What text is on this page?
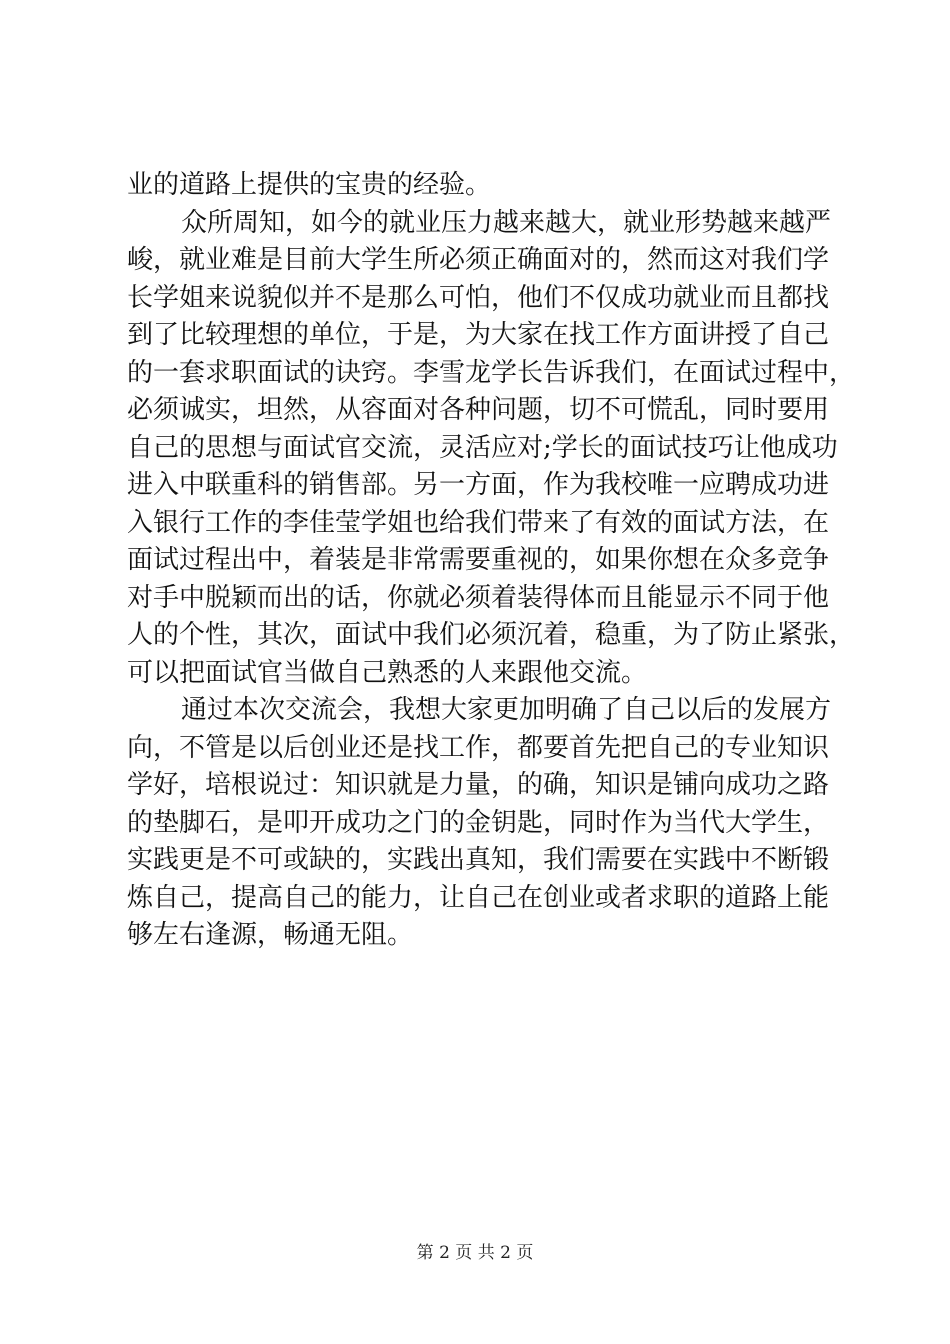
业的道路上提供的宝贵的经验。
众所周知，如今的就业压力越来越大，就业形势越来越严
峻，就业难是目前大学生所必须正确面对的，然而这对我们学
长学姐来说貌似并不是那么可怕，他们不仅成功就业而且都找
到了比较理想的单位，于是，为大家在找工作方面讲授了自己
的一套求职面试的诀窍。李雪龙学长告诉我们，在面试过程中，
必须诚实，坦然，从容面对各种问题，切不可慌乱，同时要用
自己的思想与面试官交流，灵活应对;学长的面试技巧让他成功
进入中联重科的销售部。另一方面，作为我校唯一应聘成功进
入银行工作的李佳莹学姐也给我们带来了有效的面试方法，在
面试过程出中，着装是非常需要重视的，如果你想在众多竞争
对手中脱颖而出的话，你就必须着装得体而且能显示不同于他
人的个性，其次，面试中我们必须沉着，稳重，为了防止紧张，
可以把面试官当做自己熟悉的人来跟他交流。
通过本次交流会，我想大家更加明确了自己以后的发展方
向，不管是以后创业还是找工作，都要首先把自己的专业知识
学好，培根说过：知识就是力量，的确，知识是铺向成功之路
的垫脚石，是叩开成功之门的金钥匙，同时作为当代大学生，
实践更是不可或缺的，实践出真知，我们需要在实践中不断锻
炼自己，提高自己的能力，让自己在创业或者求职的道路上能
够左右逢源，畅通无阻。
第 2 页 共 2 页
